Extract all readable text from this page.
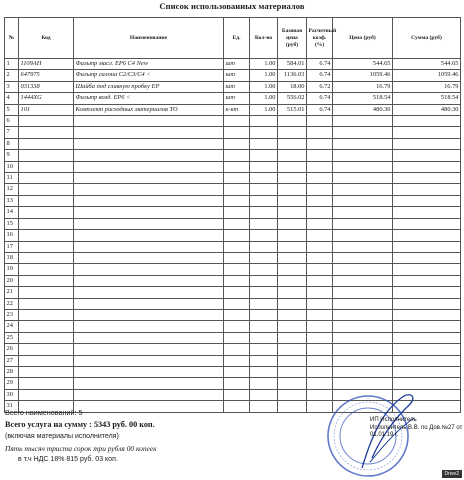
Список использованных материалов
№	Код	Наименование	Ед.	Кол-во	Базовая цена (руб)	Расчетный коэф. (%)	Цена (руб)	Сумма (руб)
1	1109AH	Фильтр масл. EP6 C4 New	шт	1.00	584.01	6.74	544.65	544.65
2	647975	Фильтр салона C2/C3/C4 <	шт	1.00	1136.03	6.74	1059.46	1059.46
3	031338	Шайба под сливную пробку EP	шт	1.00	18.00	6.72	16.79	16.79
4	1444XG	Фильтр возд. EP6 <	шт	1.00	556.02	6.74	518.54	518.54
5	101	Комплект расходных материалов ТО	к-кт	1.00	515.01	6.74	480.30	480.30
6								
7								
8								
9								
10								
11								
12								
13								
14								
15								
16								
17								
18								
19								
20								
21								
22								
23								
24								
25								
26								
27								
28								
29								
30								
31								
Всего наименований: 5
Всего услуга на сумму : 5343 руб. 00 коп.
(включая материалы исполнителя)
Пять тысяч триста сорок три рубля 00 копеек
в т.ч НДС 18% 815 руб. 03 коп.
ИП Исполнитель
Исполнитель В.В. по Дов.№27 от
01.01.19 г.
Drive2
